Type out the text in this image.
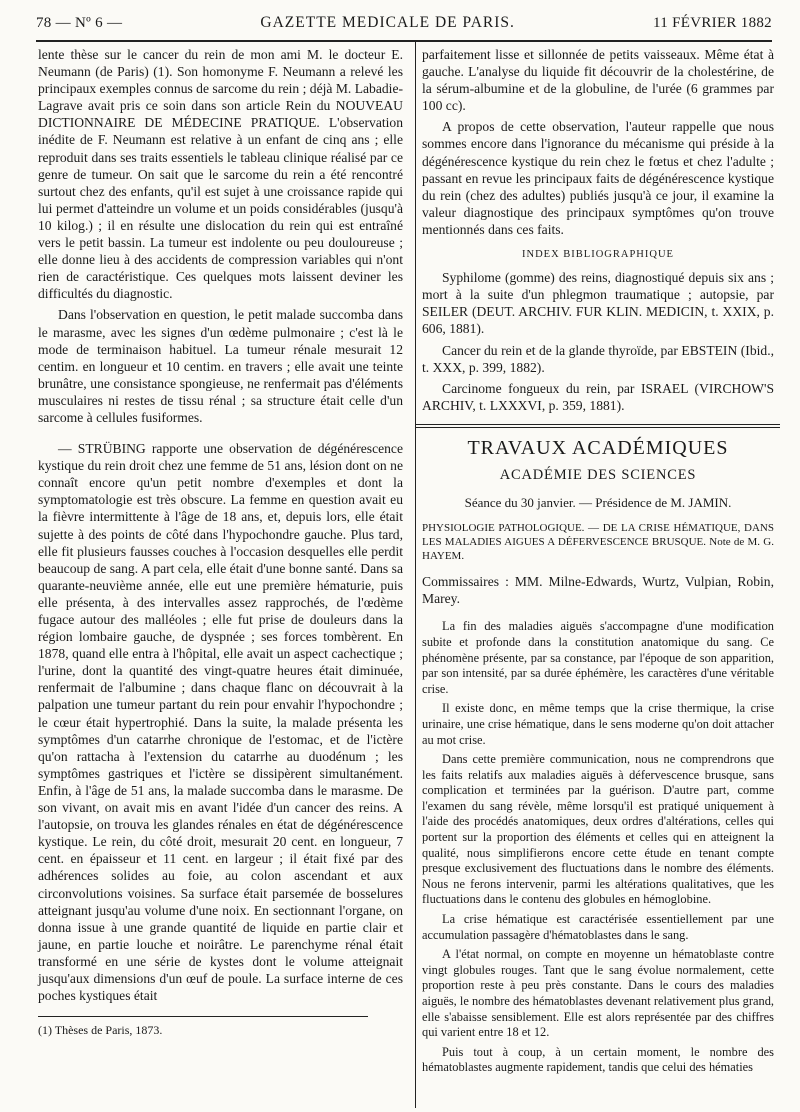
78 — Nº 6 —	GAZETTE MEDICALE DE PARIS.	11 FÉVRIER 1882

lente thèse sur le cancer du rein de mon ami M. le docteur E. Neumann (de Paris) (1). Son homonyme F. Neumann a relevé les principaux exemples connus de sarcome du rein ; déjà M. Labadie-Lagrave avait pris ce soin dans son article Rein du NOUVEAU DICTIONNAIRE DE MÉDECINE PRATIQUE. L'observation inédite de F. Neumann est relative à un enfant de cinq ans ; elle reproduit dans ses traits essentiels le tableau clinique réalisé par ce genre de tumeur. On sait que le sarcome du rein a été rencontré surtout chez des enfants, qu'il est sujet à une croissance rapide qui lui permet d'atteindre un volume et un poids considérables (jusqu'à 10 kilog.) ; il en résulte une dislocation du rein qui est entraîné vers le petit bassin. La tumeur est indolente ou peu douloureuse ; elle donne lieu à des accidents de compression variables qui n'ont rien de caractéristique. Ces quelques mots laissent deviner les difficultés du diagnostic.

Dans l'observation en question, le petit malade succomba dans le marasme, avec les signes d'un œdème pulmonaire ; c'est là le mode de terminaison habituel. La tumeur rénale mesurait 12 centim. en longueur et 10 centim. en travers ; elle avait une teinte brunâtre, une consistance spongieuse, ne renfermait pas d'éléments musculaires ni restes de tissu rénal ; sa structure était celle d'un sarcome à cellules fusiformes.

— STRÜBING rapporte une observation de dégénérescence kystique du rein droit chez une femme de 51 ans, lésion dont on ne connaît encore qu'un petit nombre d'exemples et dont la symptomatologie est très obscure. La femme en question avait eu la fièvre intermittente à l'âge de 18 ans, et, depuis lors, elle était sujette à des points de côté dans l'hypochondre gauche. Plus tard, elle fit plusieurs fausses couches à l'occasion desquelles elle perdit beaucoup de sang. A part cela, elle était d'une bonne santé. Dans sa quarante-neuvième année, elle eut une première hématurie, puis elle présenta, à des intervalles assez rapprochés, de l'œdème fugace autour des malléoles ; elle fut prise de douleurs dans la région lombaire gauche, de dyspnée ; ses forces tombèrent. En 1878, quand elle entra à l'hôpital, elle avait un aspect cachectique ; l'urine, dont la quantité des vingt-quatre heures était diminuée, renfermait de l'albumine ; dans chaque flanc on découvrait à la palpation une tumeur partant du rein pour envahir l'hypochondre ; le cœur était hypertrophié. Dans la suite, la malade présenta les symptômes d'un catarrhe chronique de l'estomac, et de l'ictère qu'on rattacha à l'extension du catarrhe au duodénum ; les symptômes gastriques et l'ictère se dissipèrent simultanément. Enfin, à l'âge de 51 ans, la malade succomba dans le marasme. De son vivant, on avait mis en avant l'idée d'un cancer des reins. A l'autopsie, on trouva les glandes rénales en état de dégénérescence kystique. Le rein, du côté droit, mesurait 20 cent. en longueur, 7 cent. en épaisseur et 11 cent. en largeur ; il était fixé par des adhérences solides au foie, au colon ascendant et aux circonvolutions voisines. Sa surface était parsemée de bosselures atteignant jusqu'au volume d'une noix. En sectionnant l'organe, on donna issue à une grande quantité de liquide en partie clair et jaune, en partie louche et noirâtre. Le parenchyme rénal était transformé en une série de kystes dont le volume atteignait jusqu'aux dimensions d'un œuf de poule. La surface interne de ces poches kystiques était

(1) Thèses de Paris, 1873.

parfaitement lisse et sillonnée de petits vaisseaux. Même état à gauche. L'analyse du liquide fit découvrir de la cholestérine, de la sérum-albumine et de la globuline, de l'urée (6 grammes par 100 cc).

A propos de cette observation, l'auteur rappelle que nous sommes encore dans l'ignorance du mécanisme qui préside à la dégénérescence kystique du rein chez le fœtus et chez l'adulte ; passant en revue les principaux faits de dégénérescence kystique du rein (chez des adultes) publiés jusqu'à ce jour, il examine la valeur diagnostique des principaux symptômes qu'on trouve mentionnés dans ces faits.

INDEX BIBLIOGRAPHIQUE

Syphilome (gomme) des reins, diagnostiqué depuis six ans ; mort à la suite d'un phlegmon traumatique ; autopsie, par SEILER (DEUT. ARCHIV. FUR KLIN. MEDICIN, t. XXIX, p. 606, 1881).

Cancer du rein et de la glande thyroïde, par EBSTEIN (Ibid., t. XXX, p. 399, 1882).

Carcinome fongueux du rein, par ISRAEL (VIRCHOW'S ARCHIV, t. LXXXVI, p. 359, 1881).

TRAVAUX ACADÉMIQUES
ACADÉMIE DES SCIENCES
Séance du 30 janvier. — Présidence de M. JAMIN.

PHYSIOLOGIE PATHOLOGIQUE. — DE LA CRISE HÉMATIQUE, DANS LES MALADIES AIGUES A DÉFERVESCENCE BRUSQUE. Note de M. G. HAYEM.

Commissaires : MM. Milne-Edwards, Wurtz, Vulpian, Robin, Marey.

La fin des maladies aiguës s'accompagne d'une modification subite et profonde dans la constitution anatomique du sang. Ce phénomène présente, par sa constance, par l'époque de son apparition, par son intensité, par sa durée éphémère, les caractères d'une véritable crise.

Il existe donc, en même temps que la crise thermique, la crise urinaire, une crise hématique, dans le sens moderne qu'on doit attacher au mot crise.

Dans cette première communication, nous ne comprendrons que les faits relatifs aux maladies aiguës à défervescence brusque, sans complication et terminées par la guérison. D'autre part, comme l'examen du sang révèle, même lorsqu'il est pratiqué uniquement à l'aide des procédés anatomiques, deux ordres d'altérations, celles qui portent sur la proportion des éléments et celles qui en atteignent la qualité, nous simplifierons encore cette étude en tenant compte presque exclusivement des fluctuations dans le nombre des éléments. Nous ne ferons intervenir, parmi les altérations qualitatives, que les fluctuations dans le contenu des globules en hémoglobine.

La crise hématique est caractérisée essentiellement par une accumulation passagère d'hématoblastes dans le sang.

A l'état normal, on compte en moyenne un hématoblaste contre vingt globules rouges. Tant que le sang évolue normalement, cette proportion reste à peu près constante. Dans le cours des maladies aiguës, le nombre des hématoblastes devenant relativement plus grand, elle s'abaisse sensiblement. Elle est alors représentée par des chiffres qui varient entre 18 et 12.

Puis tout à coup, à un certain moment, le nombre des hématoblastes augmente rapidement, tandis que celui des hématies
